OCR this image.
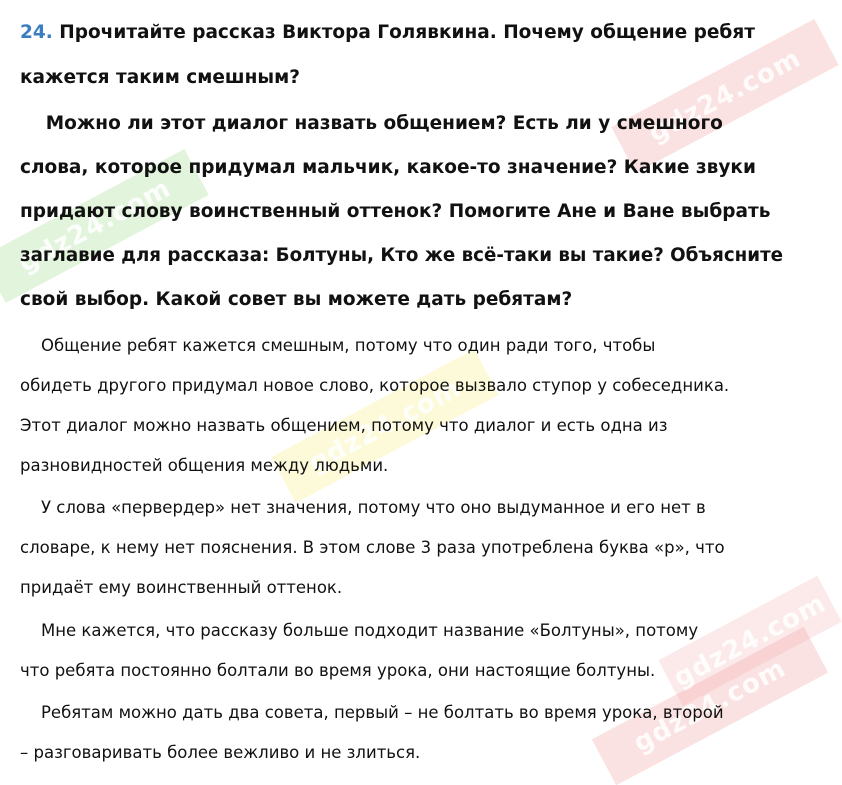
gdz24.com
gdz24.com
gdz24.com
gdz24.com
gdz24.com
24. Прочитайте рассказ Виктора Голявкина. Почему общение ребят
кажется таким смешным?
Можно ли этот диалог назвать общением? Есть ли у смешного
слова, которое придумал мальчик, какое-то значение? Какие звуки
придают слову воинственный оттенок? Помогите Ане и Ване выбрать
заглавие для рассказа: Болтуны, Кто же всё-таки вы такие? Объясните
свой выбор. Какой совет вы можете дать ребятам?
Общение ребят кажется смешным, потому что один ради того, чтобы
обидеть другого придумал новое слово, которое вызвало ступор у собеседника.
Этот диалог можно назвать общением, потому что диалог и есть одна из
разновидностей общения между людьми.
У слова «первердер» нет значения, потому что оно выдуманное и его нет в
словаре, к нему нет пояснения. В этом слове 3 раза употреблена буква «р», что
придаёт ему воинственный оттенок.
Мне кажется, что рассказу больше подходит название «Болтуны», потому
что ребята постоянно болтали во время урока, они настоящие болтуны.
Ребятам можно дать два совета, первый – не болтать во время урока, второй
– разговаривать более вежливо и не злиться.
